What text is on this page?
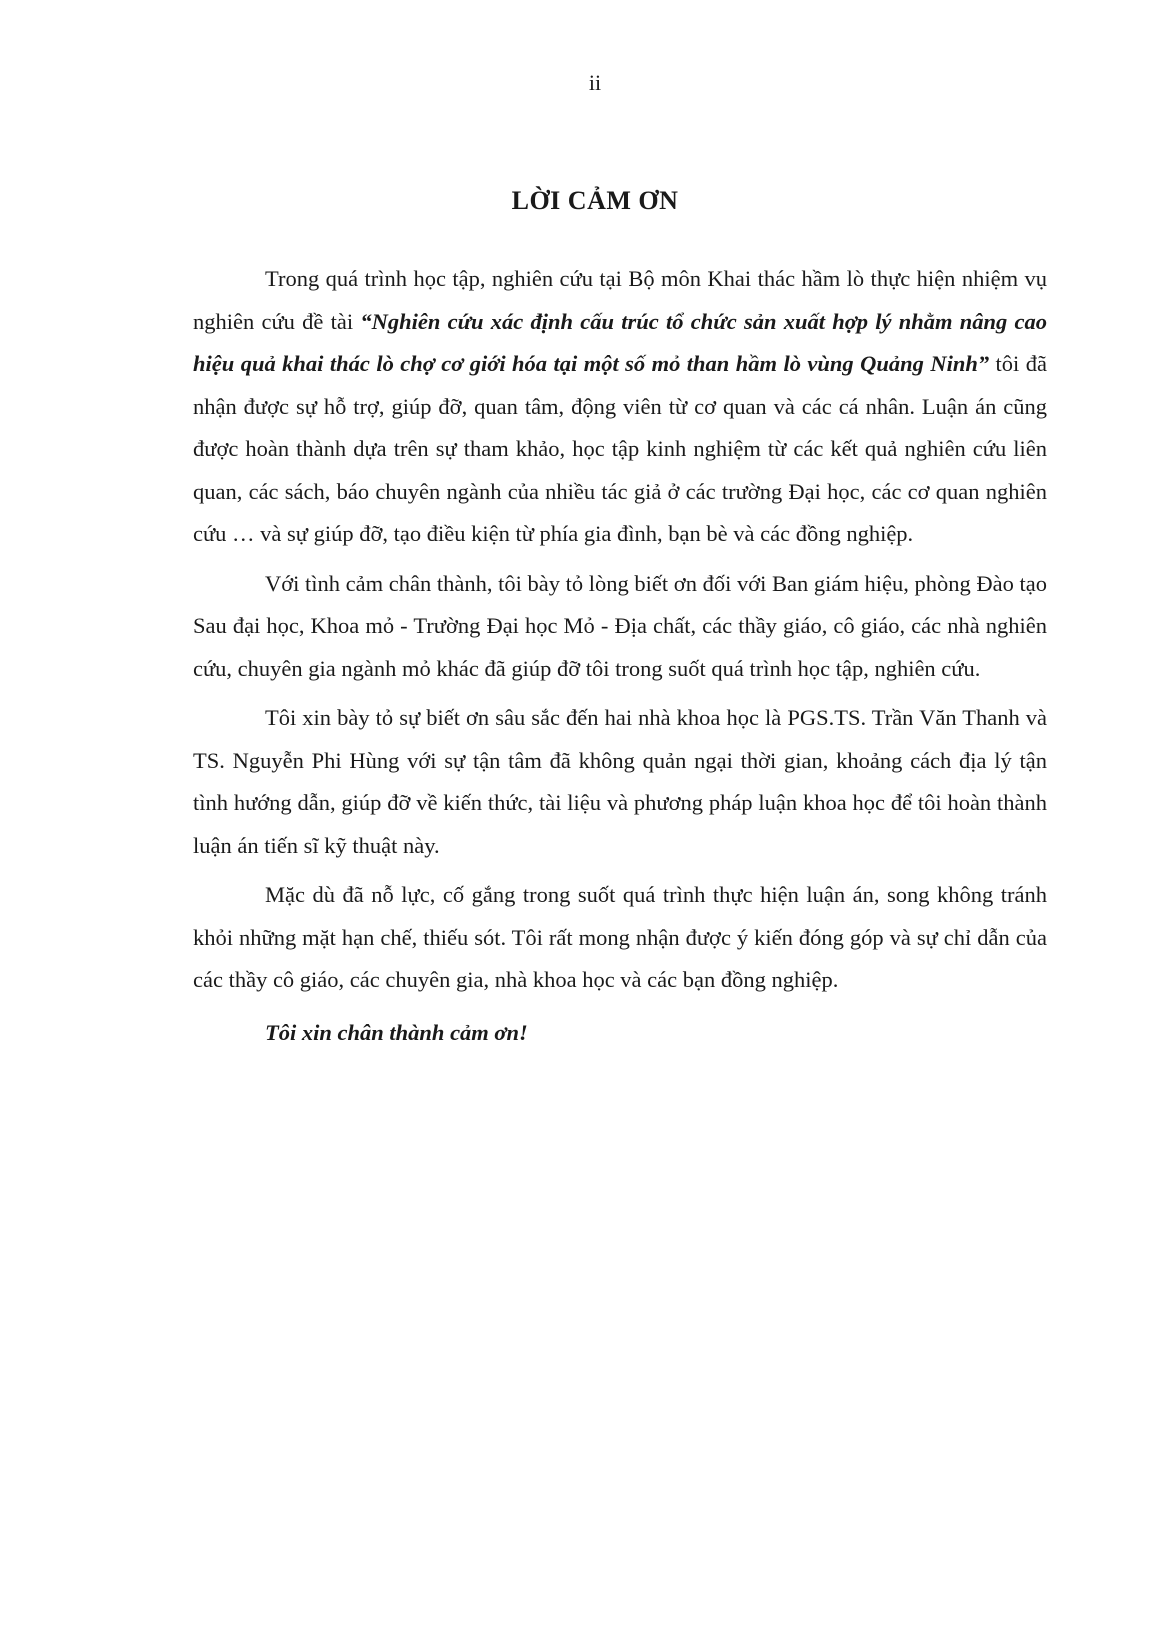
ii
LỜI CẢM ƠN

Trong quá trình học tập, nghiên cứu tại Bộ môn Khai thác hầm lò thực hiện nhiệm vụ nghiên cứu đề tài “Nghiên cứu xác định cấu trúc tổ chức sản xuất hợp lý nhằm nâng cao hiệu quả khai thác lò chợ cơ giới hóa tại một số mỏ than hầm lò vùng Quảng Ninh” tôi đã nhận được sự hỗ trợ, giúp đỡ, quan tâm, động viên từ cơ quan và các cá nhân. Luận án cũng được hoàn thành dựa trên sự tham khảo, học tập kinh nghiệm từ các kết quả nghiên cứu liên quan, các sách, báo chuyên ngành của nhiều tác giả ở các trường Đại học, các cơ quan nghiên cứu … và sự giúp đỡ, tạo điều kiện từ phía gia đình, bạn bè và các đồng nghiệp.

Với tình cảm chân thành, tôi bày tỏ lòng biết ơn đối với Ban giám hiệu, phòng Đào tạo Sau đại học, Khoa mỏ - Trường Đại học Mỏ - Địa chất, các thầy giáo, cô giáo, các nhà nghiên cứu, chuyên gia ngành mỏ khác đã giúp đỡ tôi trong suốt quá trình học tập, nghiên cứu.

Tôi xin bày tỏ sự biết ơn sâu sắc đến hai nhà khoa học là PGS.TS. Trần Văn Thanh và TS. Nguyễn Phi Hùng với sự tận tâm đã không quản ngại thời gian, khoảng cách địa lý tận tình hướng dẫn, giúp đỡ về kiến thức, tài liệu và phương pháp luận khoa học để tôi hoàn thành luận án tiến sĩ kỹ thuật này.

Mặc dù đã nỗ lực, cố gắng trong suốt quá trình thực hiện luận án, song không tránh khỏi những mặt hạn chế, thiếu sót. Tôi rất mong nhận được ý kiến đóng góp và sự chỉ dẫn của các thầy cô giáo, các chuyên gia, nhà khoa học và các bạn đồng nghiệp.

Tôi xin chân thành cảm ơn!
